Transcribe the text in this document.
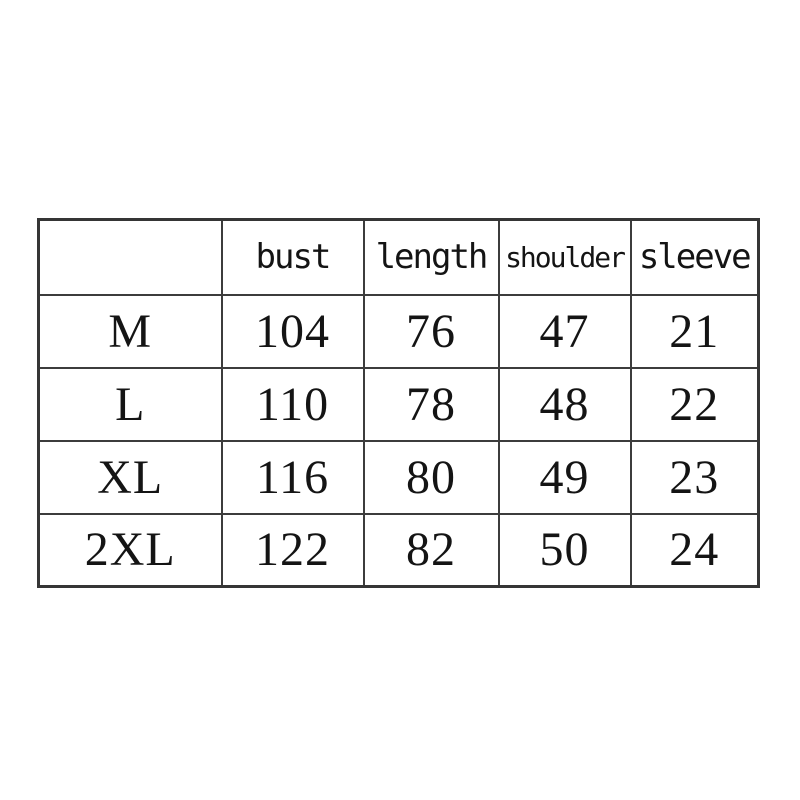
	bust	length	shoulder	sleeve
M	104	76	47	21
L	110	78	48	22
XL	116	80	49	23
2XL	122	82	50	24
